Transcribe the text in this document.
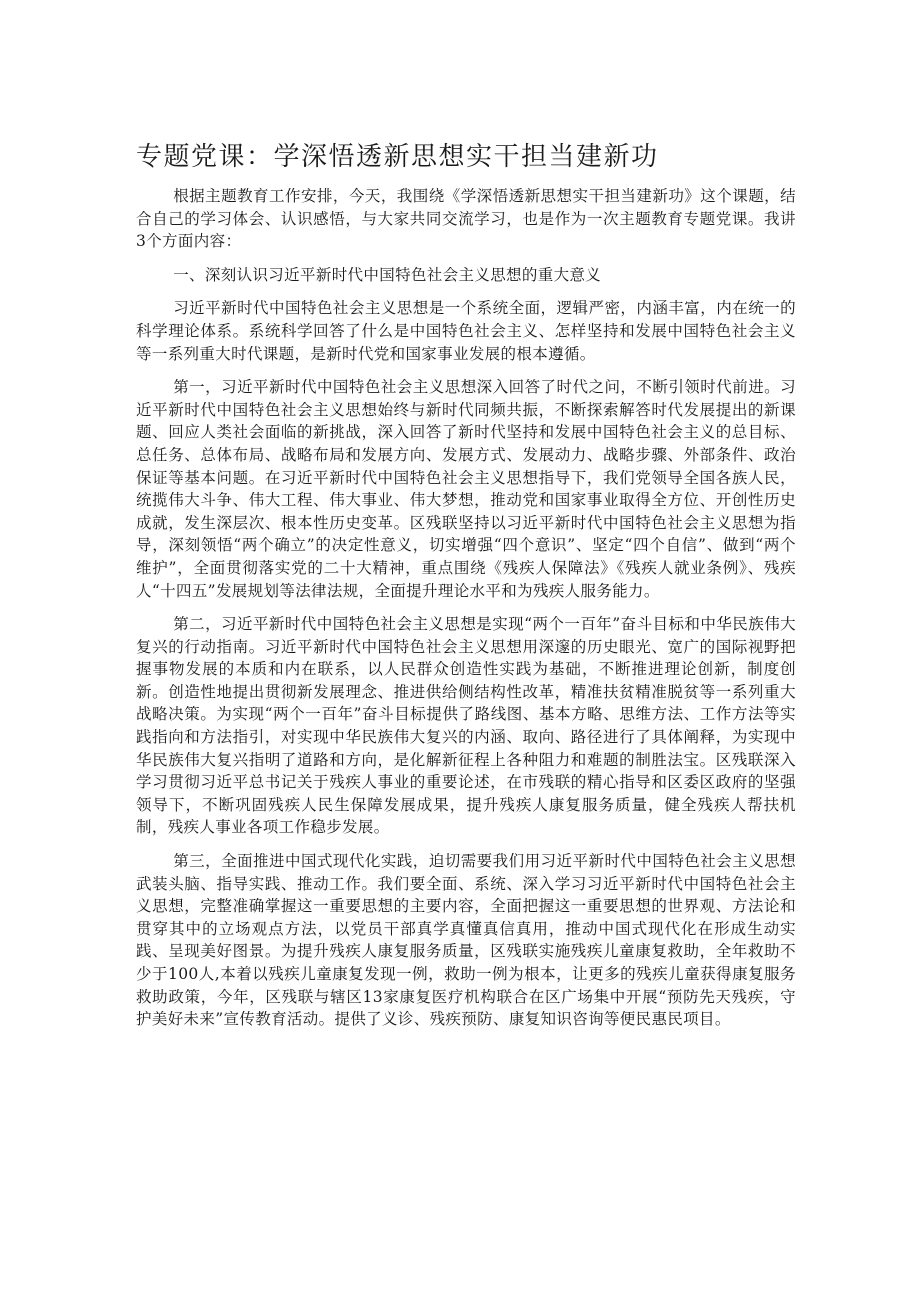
专题党课：学深悟透新思想实干担当建新功

根据主题教育工作安排，今天，我围绕《学深悟透新思想实干担当建新功》这个课题，结合自己的学习体会、认识感悟，与大家共同交流学习，也是作为一次主题教育专题党课。我讲3个方面内容：

一、深刻认识习近平新时代中国特色社会主义思想的重大意义

习近平新时代中国特色社会主义思想是一个系统全面，逻辑严密，内涵丰富，内在统一的科学理论体系。系统科学回答了什么是中国特色社会主义、怎样坚持和发展中国特色社会主义等一系列重大时代课题，是新时代党和国家事业发展的根本遵循。

第一，习近平新时代中国特色社会主义思想深入回答了时代之问，不断引领时代前进。习近平新时代中国特色社会主义思想始终与新时代同频共振，不断探索解答时代发展提出的新课题、回应人类社会面临的新挑战，深入回答了新时代坚持和发展中国特色社会主义的总目标、总任务、总体布局、战略布局和发展方向、发展方式、发展动力、战略步骤、外部条件、政治保证等基本问题。在习近平新时代中国特色社会主义思想指导下，我们党领导全国各族人民，统揽伟大斗争、伟大工程、伟大事业、伟大梦想，推动党和国家事业取得全方位、开创性历史成就，发生深层次、根本性历史变革。区残联坚持以习近平新时代中国特色社会主义思想为指导，深刻领悟“两个确立”的决定性意义，切实增强“四个意识”、坚定“四个自信”、做到“两个维护”，全面贯彻落实党的二十大精神，重点围绕《残疾人保障法》《残疾人就业条例》、残疾人“十四五”发展规划等法律法规，全面提升理论水平和为残疾人服务能力。

第二，习近平新时代中国特色社会主义思想是实现“两个一百年”奋斗目标和中华民族伟大复兴的行动指南。习近平新时代中国特色社会主义思想用深邃的历史眼光、宽广的国际视野把握事物发展的本质和内在联系，以人民群众创造性实践为基础，不断推进理论创新，制度创新。创造性地提出贯彻新发展理念、推进供给侧结构性改革，精准扶贫精准脱贫等一系列重大战略决策。为实现“两个一百年”奋斗目标提供了路线图、基本方略、思维方法、工作方法等实践指向和方法指引，对实现中华民族伟大复兴的内涵、取向、路径进行了具体阐释，为实现中华民族伟大复兴指明了道路和方向，是化解新征程上各种阻力和难题的制胜法宝。区残联深入学习贯彻习近平总书记关于残疾人事业的重要论述，在市残联的精心指导和区委区政府的坚强领导下，不断巩固残疾人民生保障发展成果，提升残疾人康复服务质量，健全残疾人帮扶机制，残疾人事业各项工作稳步发展。

第三，全面推进中国式现代化实践，迫切需要我们用习近平新时代中国特色社会主义思想武装头脑、指导实践、推动工作。我们要全面、系统、深入学习习近平新时代中国特色社会主义思想，完整准确掌握这一重要思想的主要内容，全面把握这一重要思想的世界观、方法论和贯穿其中的立场观点方法，以党员干部真学真懂真信真用，推动中国式现代化在形成生动实践、呈现美好图景。为提升残疾人康复服务质量，区残联实施残疾儿童康复救助，全年救助不少于100人,本着以残疾儿童康复发现一例，救助一例为根本，让更多的残疾儿童获得康复服务救助政策，今年，区残联与辖区13家康复医疗机构联合在区广场集中开展“预防先天残疾，守护美好未来”宣传教育活动。提供了义诊、残疾预防、康复知识咨询等便民惠民项目。
